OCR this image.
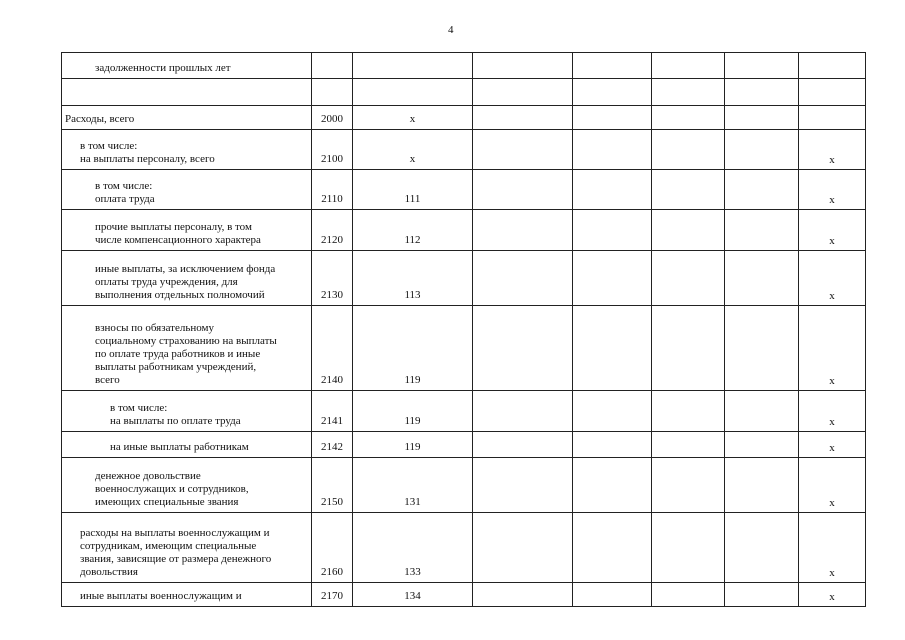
4
задолженности прошлых лет							

Расходы, всего	2000	x					

в том числе:
на выплаты персоналу, всего	2100	x					x

в том числе:
оплата труда	2110	111					x

прочие выплаты персоналу, в том
числе компенсационного характера	2120	112					x

иные выплаты, за исключением фонда
оплаты труда учреждения, для
выполнения отдельных полномочий	2130	113					x

взносы по обязательному
социальному страхованию на выплаты
по оплате труда работников и иные
выплаты работникам учреждений,
всего	2140	119					x

в том числе:
на выплаты по оплате труда	2141	119					x

на иные выплаты работникам	2142	119					x

денежное довольствие
военнослужащих и сотрудников,
имеющих специальные звания	2150	131					x

расходы на выплаты военнослужащим и
сотрудникам, имеющим специальные
звания, зависящие от размера денежного
довольствия	2160	133					x

иные выплаты военнослужащим и	2170	134					x
